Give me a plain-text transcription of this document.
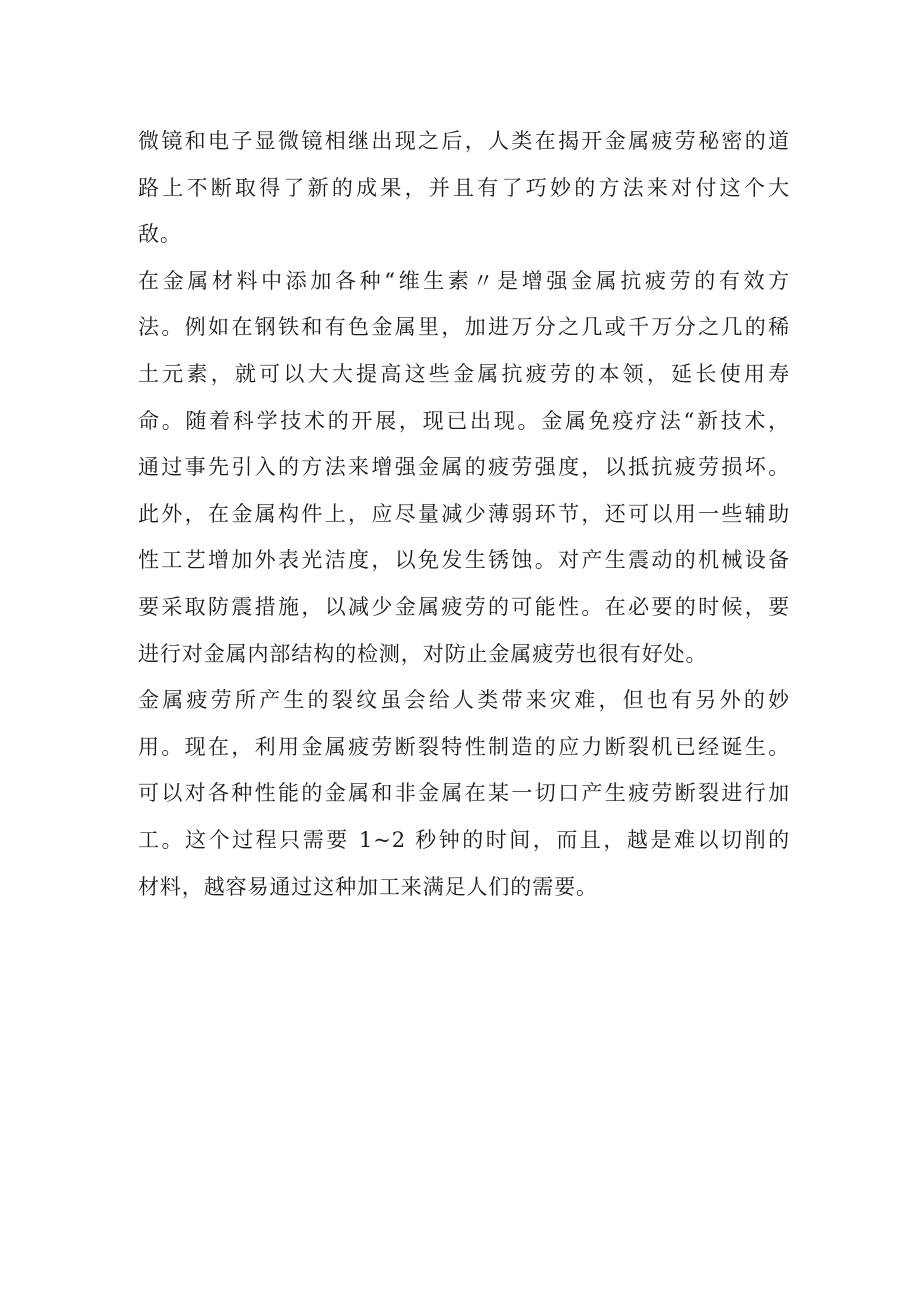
微镜和电子显微镜相继出现之后，人类在揭开金属疲劳秘密的道
路上不断取得了新的成果，并且有了巧妙的方法来对付这个大
敌。
在金属材料中添加各种“维生素〃是增强金属抗疲劳的有效方
法。例如在钢铁和有色金属里，加进万分之几或千万分之几的稀
土元素，就可以大大提高这些金属抗疲劳的本领，延长使用寿
命。随着科学技术的开展，现已出现。金属免疫疗法“新技术，
通过事先引入的方法来增强金属的疲劳强度，以抵抗疲劳损坏。
此外，在金属构件上，应尽量减少薄弱环节，还可以用一些辅助
性工艺增加外表光洁度，以免发生锈蚀。对产生震动的机械设备
要采取防震措施，以减少金属疲劳的可能性。在必要的时候，要
进行对金属内部结构的检测，对防止金属疲劳也很有好处。
金属疲劳所产生的裂纹虽会给人类带来灾难，但也有另外的妙
用。现在，利用金属疲劳断裂特性制造的应力断裂机已经诞生。
可以对各种性能的金属和非金属在某一切口产生疲劳断裂进行加
工。这个过程只需要 1~2 秒钟的时间，而且，越是难以切削的
材料，越容易通过这种加工来满足人们的需要。
